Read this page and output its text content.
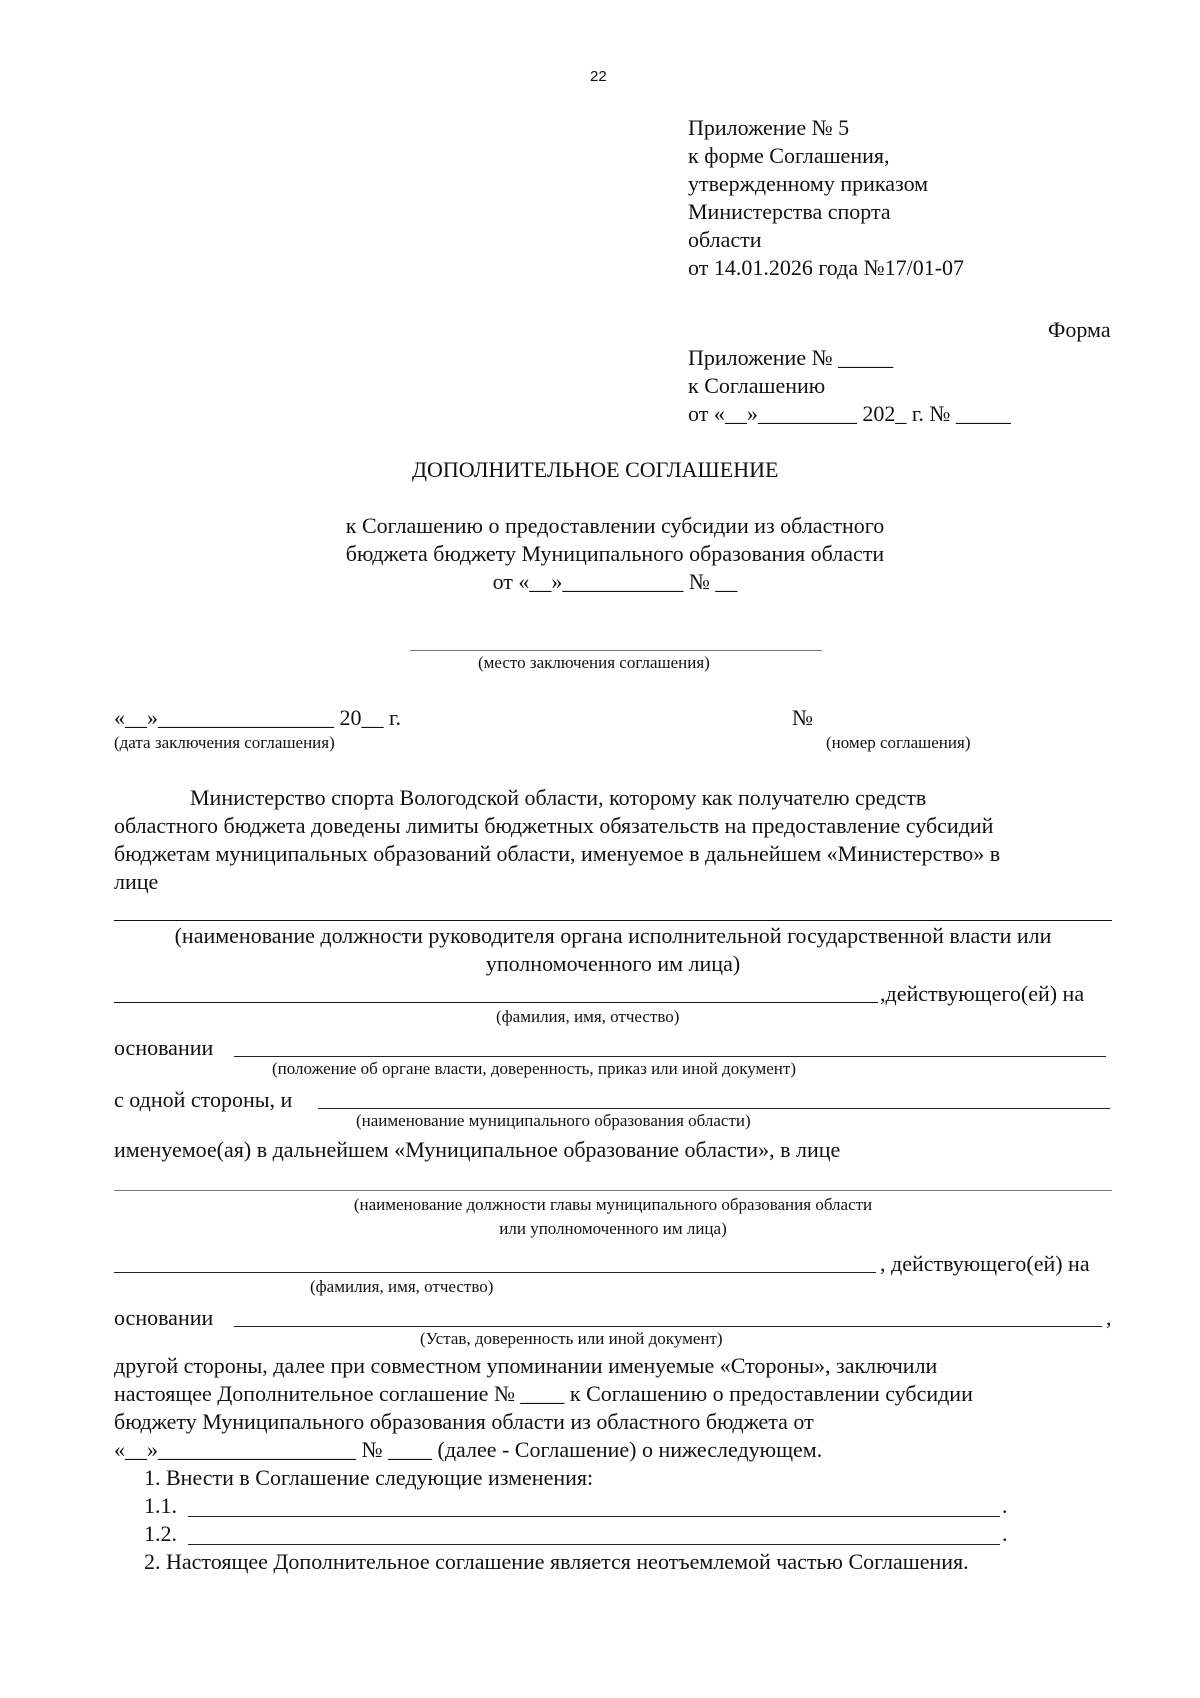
22
Приложение № 5
к форме Соглашения,
утвержденному приказом
Министерства спорта
области
от 14.01.2026 года №17/01-07
Форма
Приложение № _____
к Соглашению
от «__»_________ 202_ г. № _____
ДОПОЛНИТЕЛЬНОЕ СОГЛАШЕНИЕ
к Соглашению о предоставлении субсидии из областного
бюджета бюджету Муниципального образования области
от «__»___________ № __
(место заключения соглашения)
«__»________________ 20__ г.
(дата заключения соглашения)
№
(номер соглашения)
Министерство спорта Вологодской области, которому как получателю средств
областного бюджета доведены лимиты бюджетных обязательств на предоставление субсидий
бюджетам муниципальных образований области, именуемое в дальнейшем «Министерство» в
лице
(наименование должности руководителя органа исполнительной государственной власти или
уполномоченного им лица)
,действующего(ей) на
(фамилия, имя, отчество)
основании
(положение об органе власти, доверенность, приказ или иной документ)
с одной стороны, и
(наименование муниципального образования области)
именуемое(ая) в дальнейшем «Муниципальное образование области», в лице
(наименование должности главы муниципального образования области
или уполномоченного им лица)
, действующего(ей) на
(фамилия, имя, отчество)
основании	,
(Устав, доверенность или иной документ)
другой стороны, далее при совместном упоминании именуемые «Стороны», заключили
настоящее Дополнительное соглашение № ____ к Соглашению о предоставлении субсидии
бюджету Муниципального образования области из областного бюджета от
«__»__________________ № ____ (далее - Соглашение) о нижеследующем.
1. Внести в Соглашение следующие изменения:
1.1.	.
1.2.	.
2. Настоящее Дополнительное соглашение является неотъемлемой частью Соглашения.
